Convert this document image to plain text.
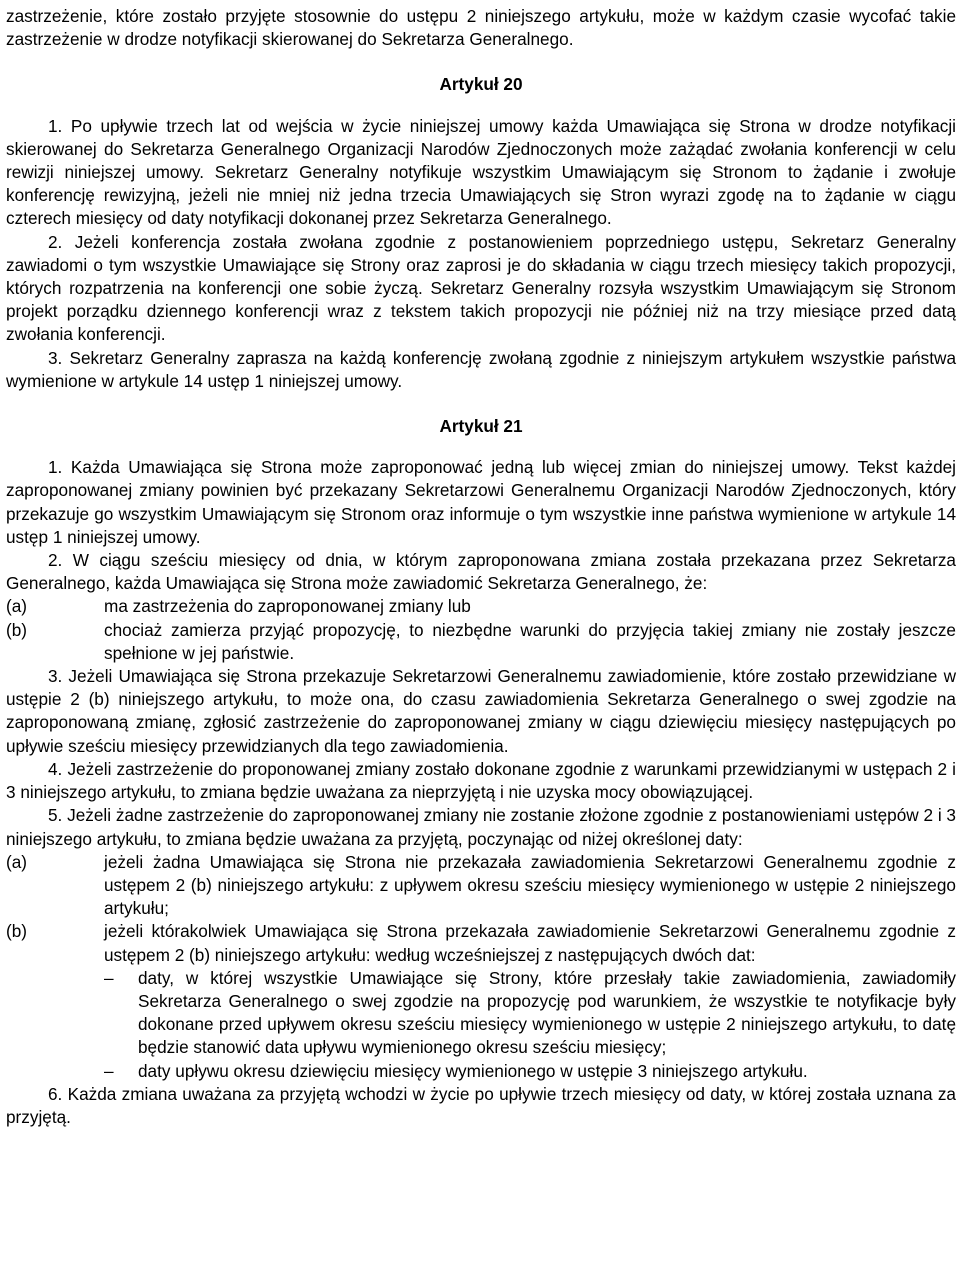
zastrzeżenie, które zostało przyjęte stosownie do ustępu 2 niniejszego artykułu, może w każdym czasie wycofać takie zastrzeżenie w drodze notyfikacji skierowanej do Sekretarza Generalnego.

Artykuł 20

1. Po upływie trzech lat od wejścia w życie niniejszej umowy każda Umawiająca się Strona w drodze notyfikacji skierowanej do Sekretarza Generalnego Organizacji Narodów Zjednoczonych może zażądać zwołania konferencji w celu rewizji niniejszej umowy. Sekretarz Generalny notyfikuje wszystkim Umawiającym się Stronom to żądanie i zwołuje konferencję rewizyjną, jeżeli nie mniej niż jedna trzecia Umawiających się Stron wyrazi zgodę na to żądanie w ciągu czterech miesięcy od daty notyfikacji dokonanej przez Sekretarza Generalnego.

2. Jeżeli konferencja została zwołana zgodnie z postanowieniem poprzedniego ustępu, Sekretarz Generalny zawiadomi o tym wszystkie Umawiające się Strony oraz zaprosi je do składania w ciągu trzech miesięcy takich propozycji, których rozpatrzenia na konferencji one sobie życzą. Sekretarz Generalny rozsyła wszystkim Umawiającym się Stronom projekt porządku dziennego konferencji wraz z tekstem takich propozycji nie później niż na trzy miesiące przed datą zwołania konferencji.

3. Sekretarz Generalny zaprasza na każdą konferencję zwołaną zgodnie z niniejszym artykułem wszystkie państwa wymienione w artykule 14 ustęp 1 niniejszej umowy.

Artykuł 21

1. Każda Umawiająca się Strona może zaproponować jedną lub więcej zmian do niniejszej umowy. Tekst każdej zaproponowanej zmiany powinien być przekazany Sekretarzowi Generalnemu Organizacji Narodów Zjednoczonych, który przekazuje go wszystkim Umawiającym się Stronom oraz informuje o tym wszystkie inne państwa wymienione w artykule 14 ustęp 1 niniejszej umowy.

2. W ciągu sześciu miesięcy od dnia, w którym zaproponowana zmiana została przekazana przez Sekretarza Generalnego, każda Umawiająca się Strona może zawiadomić Sekretarza Generalnego, że:

(a)	ma zastrzeżenia do zaproponowanej zmiany lub
(b)	chociaż zamierza przyjąć propozycję, to niezbędne warunki do przyjęcia takiej zmiany nie zostały jeszcze spełnione w jej państwie.

3. Jeżeli Umawiająca się Strona przekazuje Sekretarzowi Generalnemu zawiadomienie, które zostało przewidziane w ustępie 2 (b) niniejszego artykułu, to może ona, do czasu zawiadomienia Sekretarza Generalnego o swej zgodzie na zaproponowaną zmianę, zgłosić zastrzeżenie do zaproponowanej zmiany w ciągu dziewięciu miesięcy następujących po upływie sześciu miesięcy przewidzianych dla tego zawiadomienia.

4. Jeżeli zastrzeżenie do proponowanej zmiany zostało dokonane zgodnie z warunkami przewidzianymi w ustępach 2 i 3 niniejszego artykułu, to zmiana będzie uważana za nieprzyjętą i nie uzyska mocy obowiązującej.

5. Jeżeli żadne zastrzeżenie do zaproponowanej zmiany nie zostanie złożone zgodnie z postanowieniami ustępów 2 i 3 niniejszego artykułu, to zmiana będzie uważana za przyjętą, poczynając od niżej określonej daty:

(a)	jeżeli żadna Umawiająca się Strona nie przekazała zawiadomienia Sekretarzowi Generalnemu zgodnie z ustępem 2 (b) niniejszego artykułu: z upływem okresu sześciu miesięcy wymienionego w ustępie 2 niniejszego artykułu;
(b)	jeżeli którakolwiek Umawiająca się Strona przekazała zawiadomienie Sekretarzowi Generalnemu zgodnie z ustępem 2 (b) niniejszego artykułu: według wcześniejszej z następujących dwóch dat:
–	daty, w której wszystkie Umawiające się Strony, które przesłały takie zawiadomienia, zawiadomiły Sekretarza Generalnego o swej zgodzie na propozycję pod warunkiem, że wszystkie te notyfikacje były dokonane przed upływem okresu sześciu miesięcy wymienionego w ustępie 2 niniejszego artykułu, to datę będzie stanowić data upływu wymienionego okresu sześciu miesięcy;
–	daty upływu okresu dziewięciu miesięcy wymienionego w ustępie 3 niniejszego artykułu.

6. Każda zmiana uważana za przyjętą wchodzi w życie po upływie trzech miesięcy od daty, w której została uznana za przyjętą.
